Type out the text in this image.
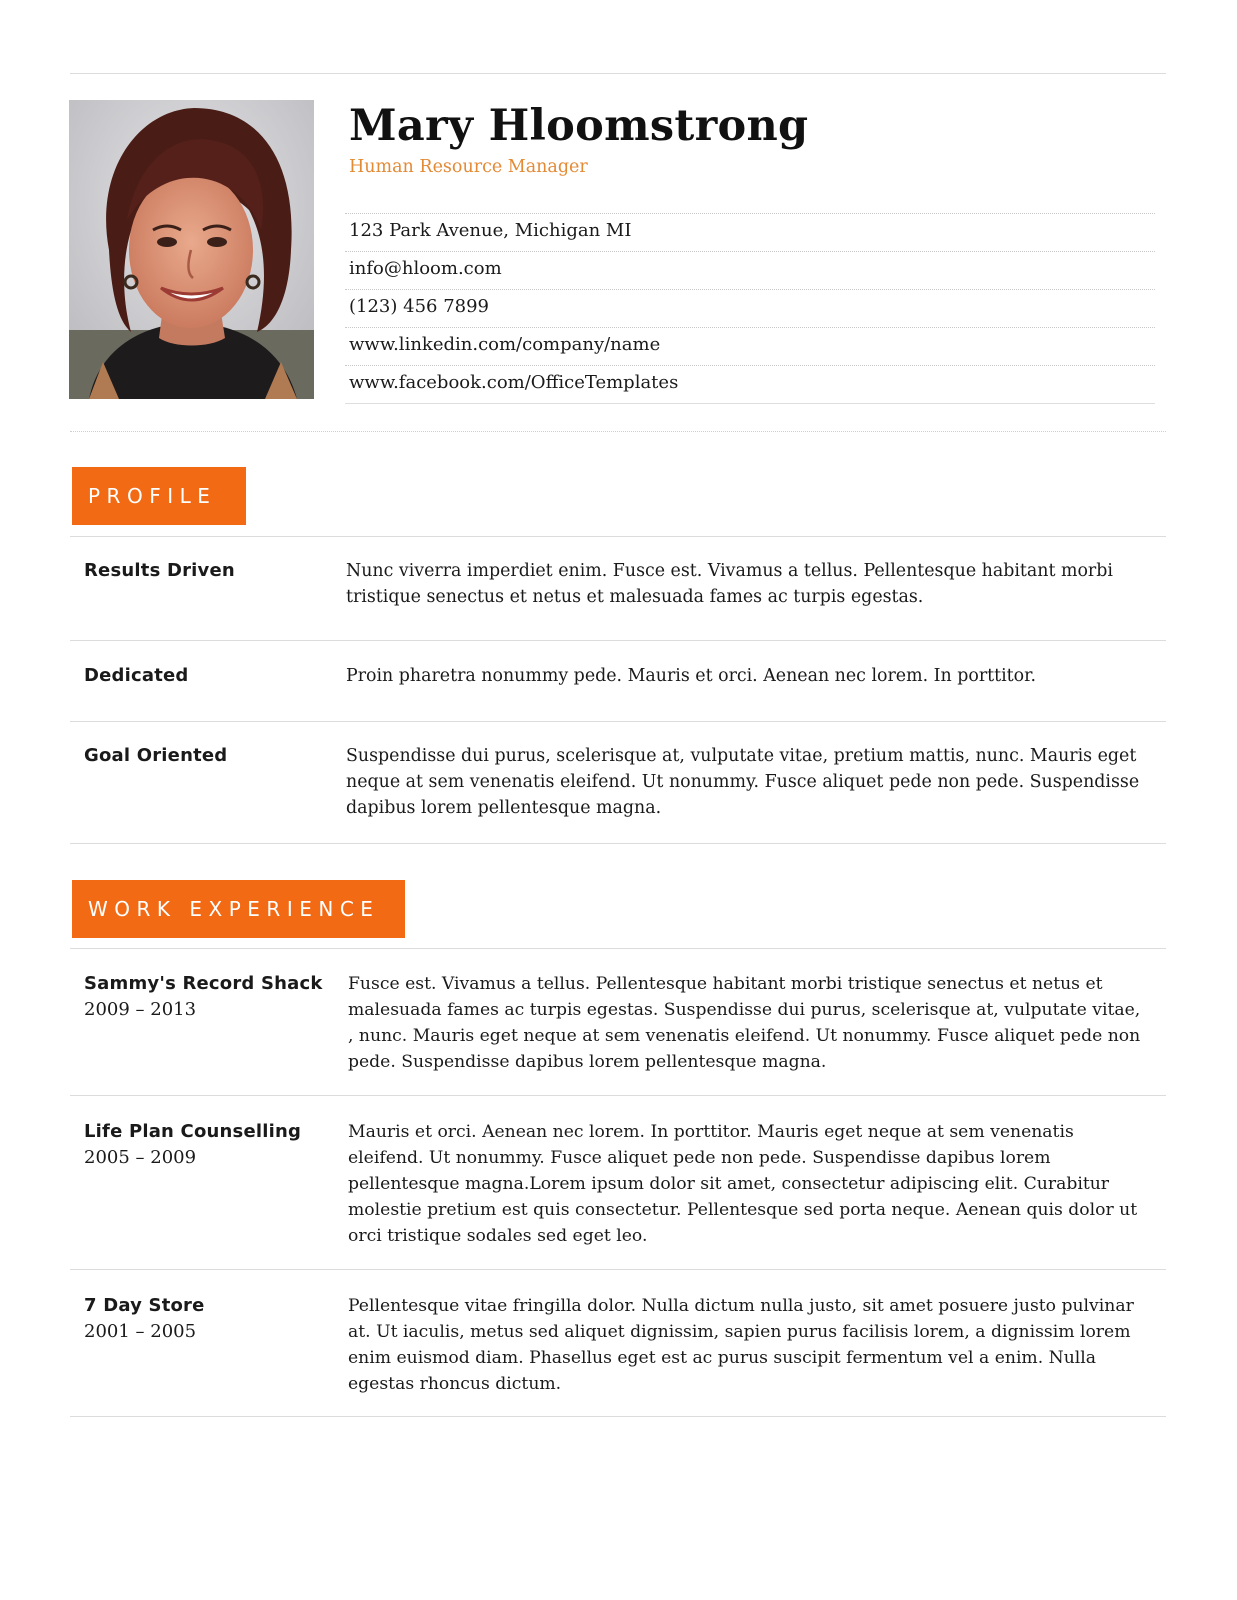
Mary Hloomstrong
Human Resource Manager
123 Park Avenue, Michigan MI
info@hloom.com
(123) 456 7899
www.linkedin.com/company/name
www.facebook.com/OfficeTemplates
PROFILE
Results Driven	Nunc viverra imperdiet enim. Fusce est. Vivamus a tellus. Pellentesque habitant morbi tristique senectus et netus et malesuada fames ac turpis egestas.
Dedicated	Proin pharetra nonummy pede. Mauris et orci. Aenean nec lorem. In porttitor.
Goal Oriented	Suspendisse dui purus, scelerisque at, vulputate vitae, pretium mattis, nunc. Mauris eget neque at sem venenatis eleifend. Ut nonummy. Fusce aliquet pede non pede. Suspendisse dapibus lorem pellentesque magna.
WORK EXPERIENCE
Sammy's Record Shack
2009 – 2013
Fusce est. Vivamus a tellus. Pellentesque habitant morbi tristique senectus et netus et malesuada fames ac turpis egestas. Suspendisse dui purus, scelerisque at, vulputate vitae, , nunc. Mauris eget neque at sem venenatis eleifend. Ut nonummy. Fusce aliquet pede non pede. Suspendisse dapibus lorem pellentesque magna.
Life Plan Counselling
2005 – 2009
Mauris et orci. Aenean nec lorem. In porttitor. Mauris eget neque at sem venenatis eleifend. Ut nonummy. Fusce aliquet pede non pede. Suspendisse dapibus lorem pellentesque magna.Lorem ipsum dolor sit amet, consectetur adipiscing elit. Curabitur molestie pretium est quis consectetur. Pellentesque sed porta neque. Aenean quis dolor ut orci tristique sodales sed eget leo.
7 Day Store
2001 – 2005
Pellentesque vitae fringilla dolor. Nulla dictum nulla justo, sit amet posuere justo pulvinar at. Ut iaculis, metus sed aliquet dignissim, sapien purus facilisis lorem, a dignissim lorem enim euismod diam. Phasellus eget est ac purus suscipit fermentum vel a enim. Nulla egestas rhoncus dictum.
